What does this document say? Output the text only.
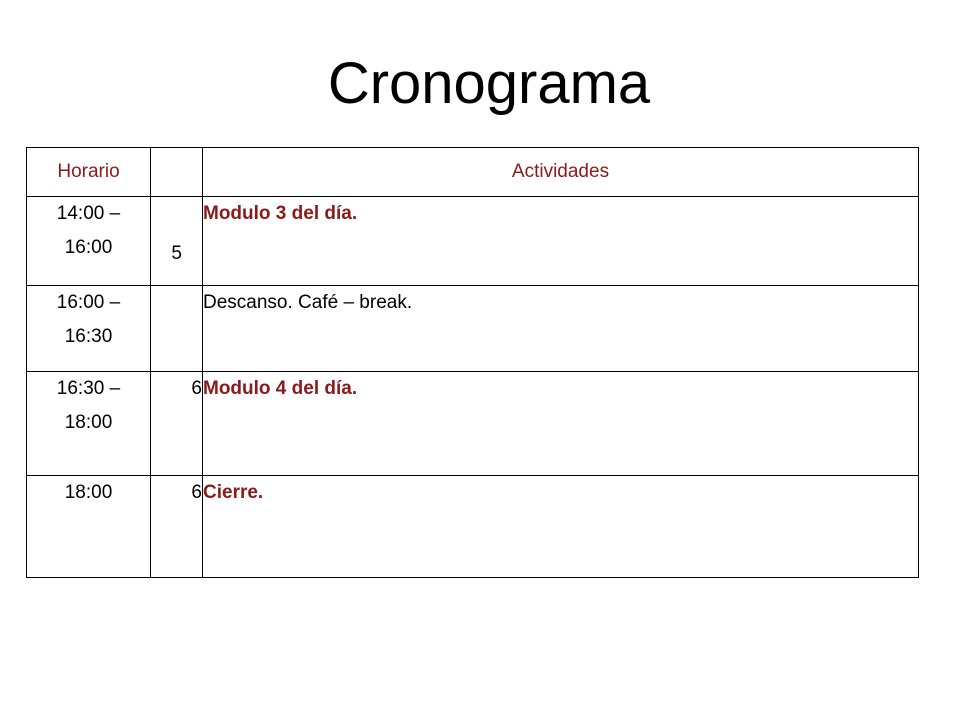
Cronograma
Horario		Actividades

14:00 –
16:00	5	Modulo 3 del día.

16:00 –
16:30		Descanso. Café – break.

16:30 –
18:00	6	Modulo 4 del día.

18:00	6	Cierre.
